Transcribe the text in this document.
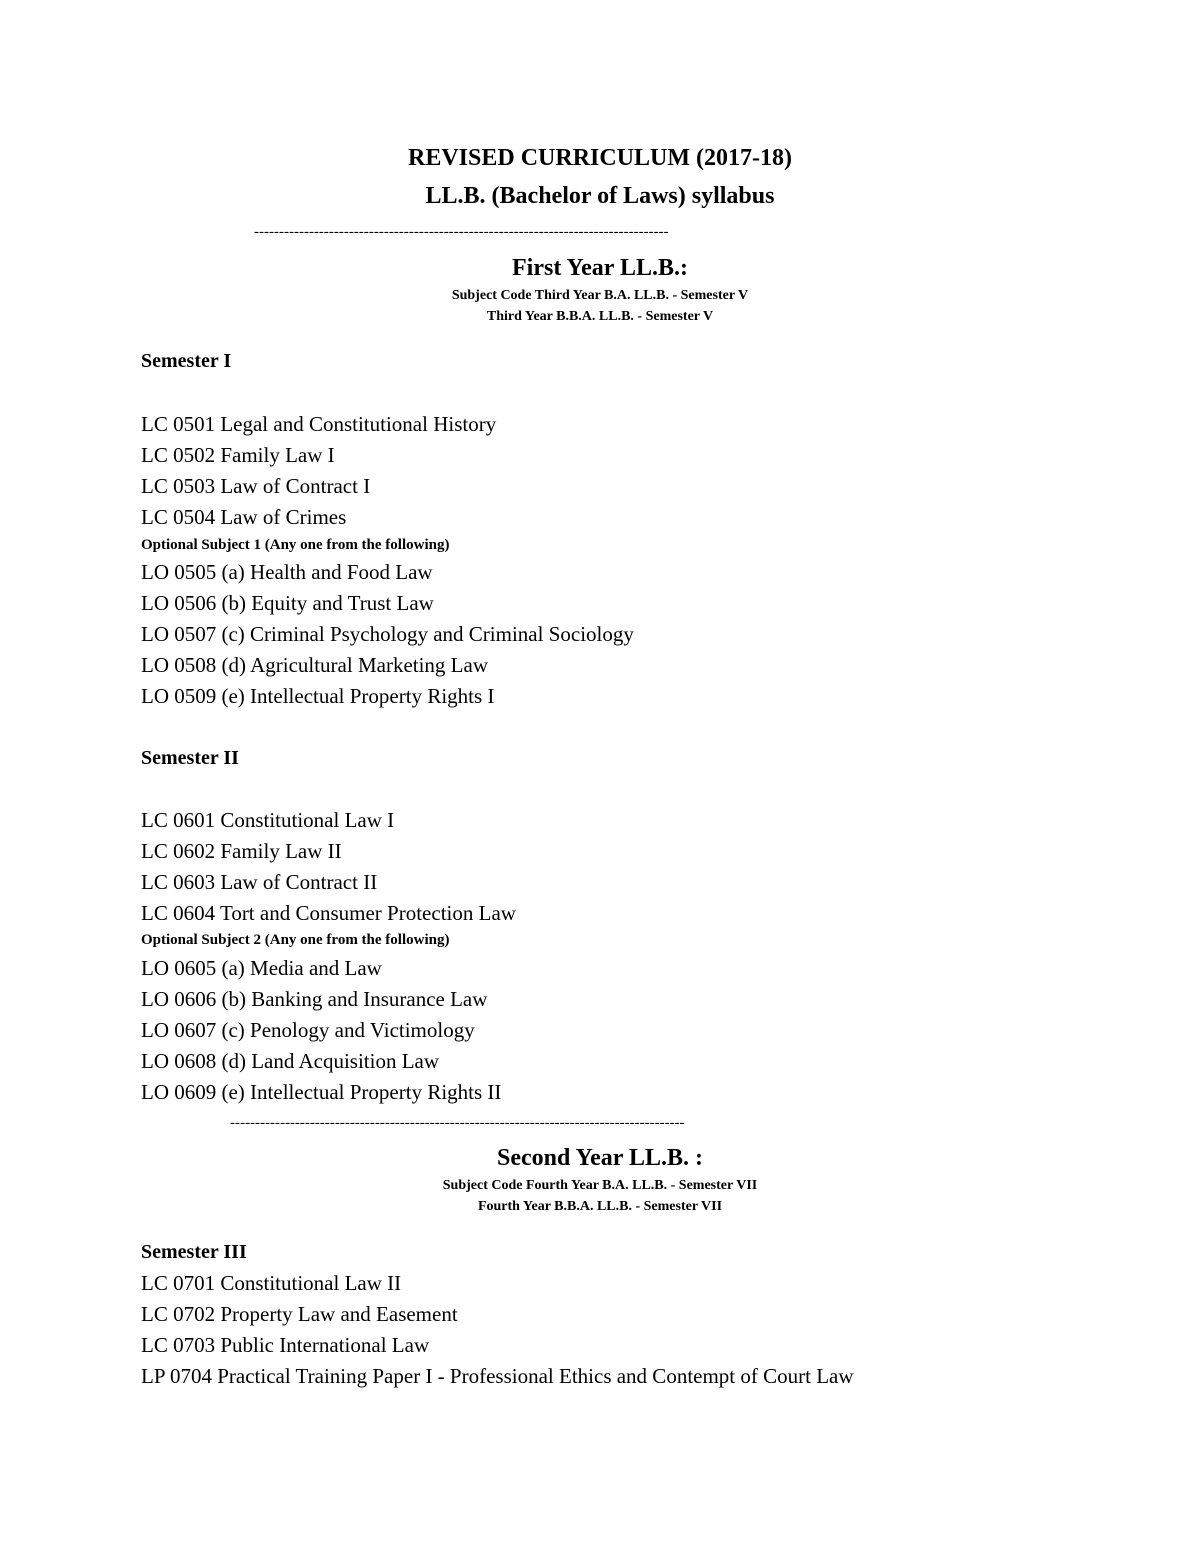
REVISED CURRICULUM (2017-18)
LL.B. (Bachelor of Laws) syllabus
-----------------------------------------------------------------------------------
First Year LL.B.:
Subject Code Third Year B.A. LL.B. - Semester V
Third Year B.B.A. LL.B. - Semester V
Semester I
LC 0501 Legal and Constitutional History
LC 0502 Family Law I
LC 0503 Law of Contract I
LC 0504 Law of Crimes
Optional Subject 1 (Any one from the following)
LO 0505 (a) Health and Food Law
LO 0506 (b) Equity and Trust Law
LO 0507 (c) Criminal Psychology and Criminal Sociology
LO 0508 (d) Agricultural Marketing Law
LO 0509 (e) Intellectual Property Rights I
Semester II
LC 0601 Constitutional Law I
LC 0602 Family Law II
LC 0603 Law of Contract II
LC 0604 Tort and Consumer Protection Law
Optional Subject 2 (Any one from the following)
LO 0605 (a) Media and Law
LO 0606 (b) Banking and Insurance Law
LO 0607 (c) Penology and Victimology
LO 0608 (d) Land Acquisition Law
LO 0609 (e) Intellectual Property Rights II
-------------------------------------------------------------------------------------------
Second Year LL.B. :
Subject Code Fourth Year B.A. LL.B. - Semester VII
Fourth Year B.B.A. LL.B. - Semester VII
Semester III
LC 0701 Constitutional Law II
LC 0702 Property Law and Easement
LC 0703 Public International Law
LP 0704 Practical Training Paper I - Professional Ethics and Contempt of Court Law
